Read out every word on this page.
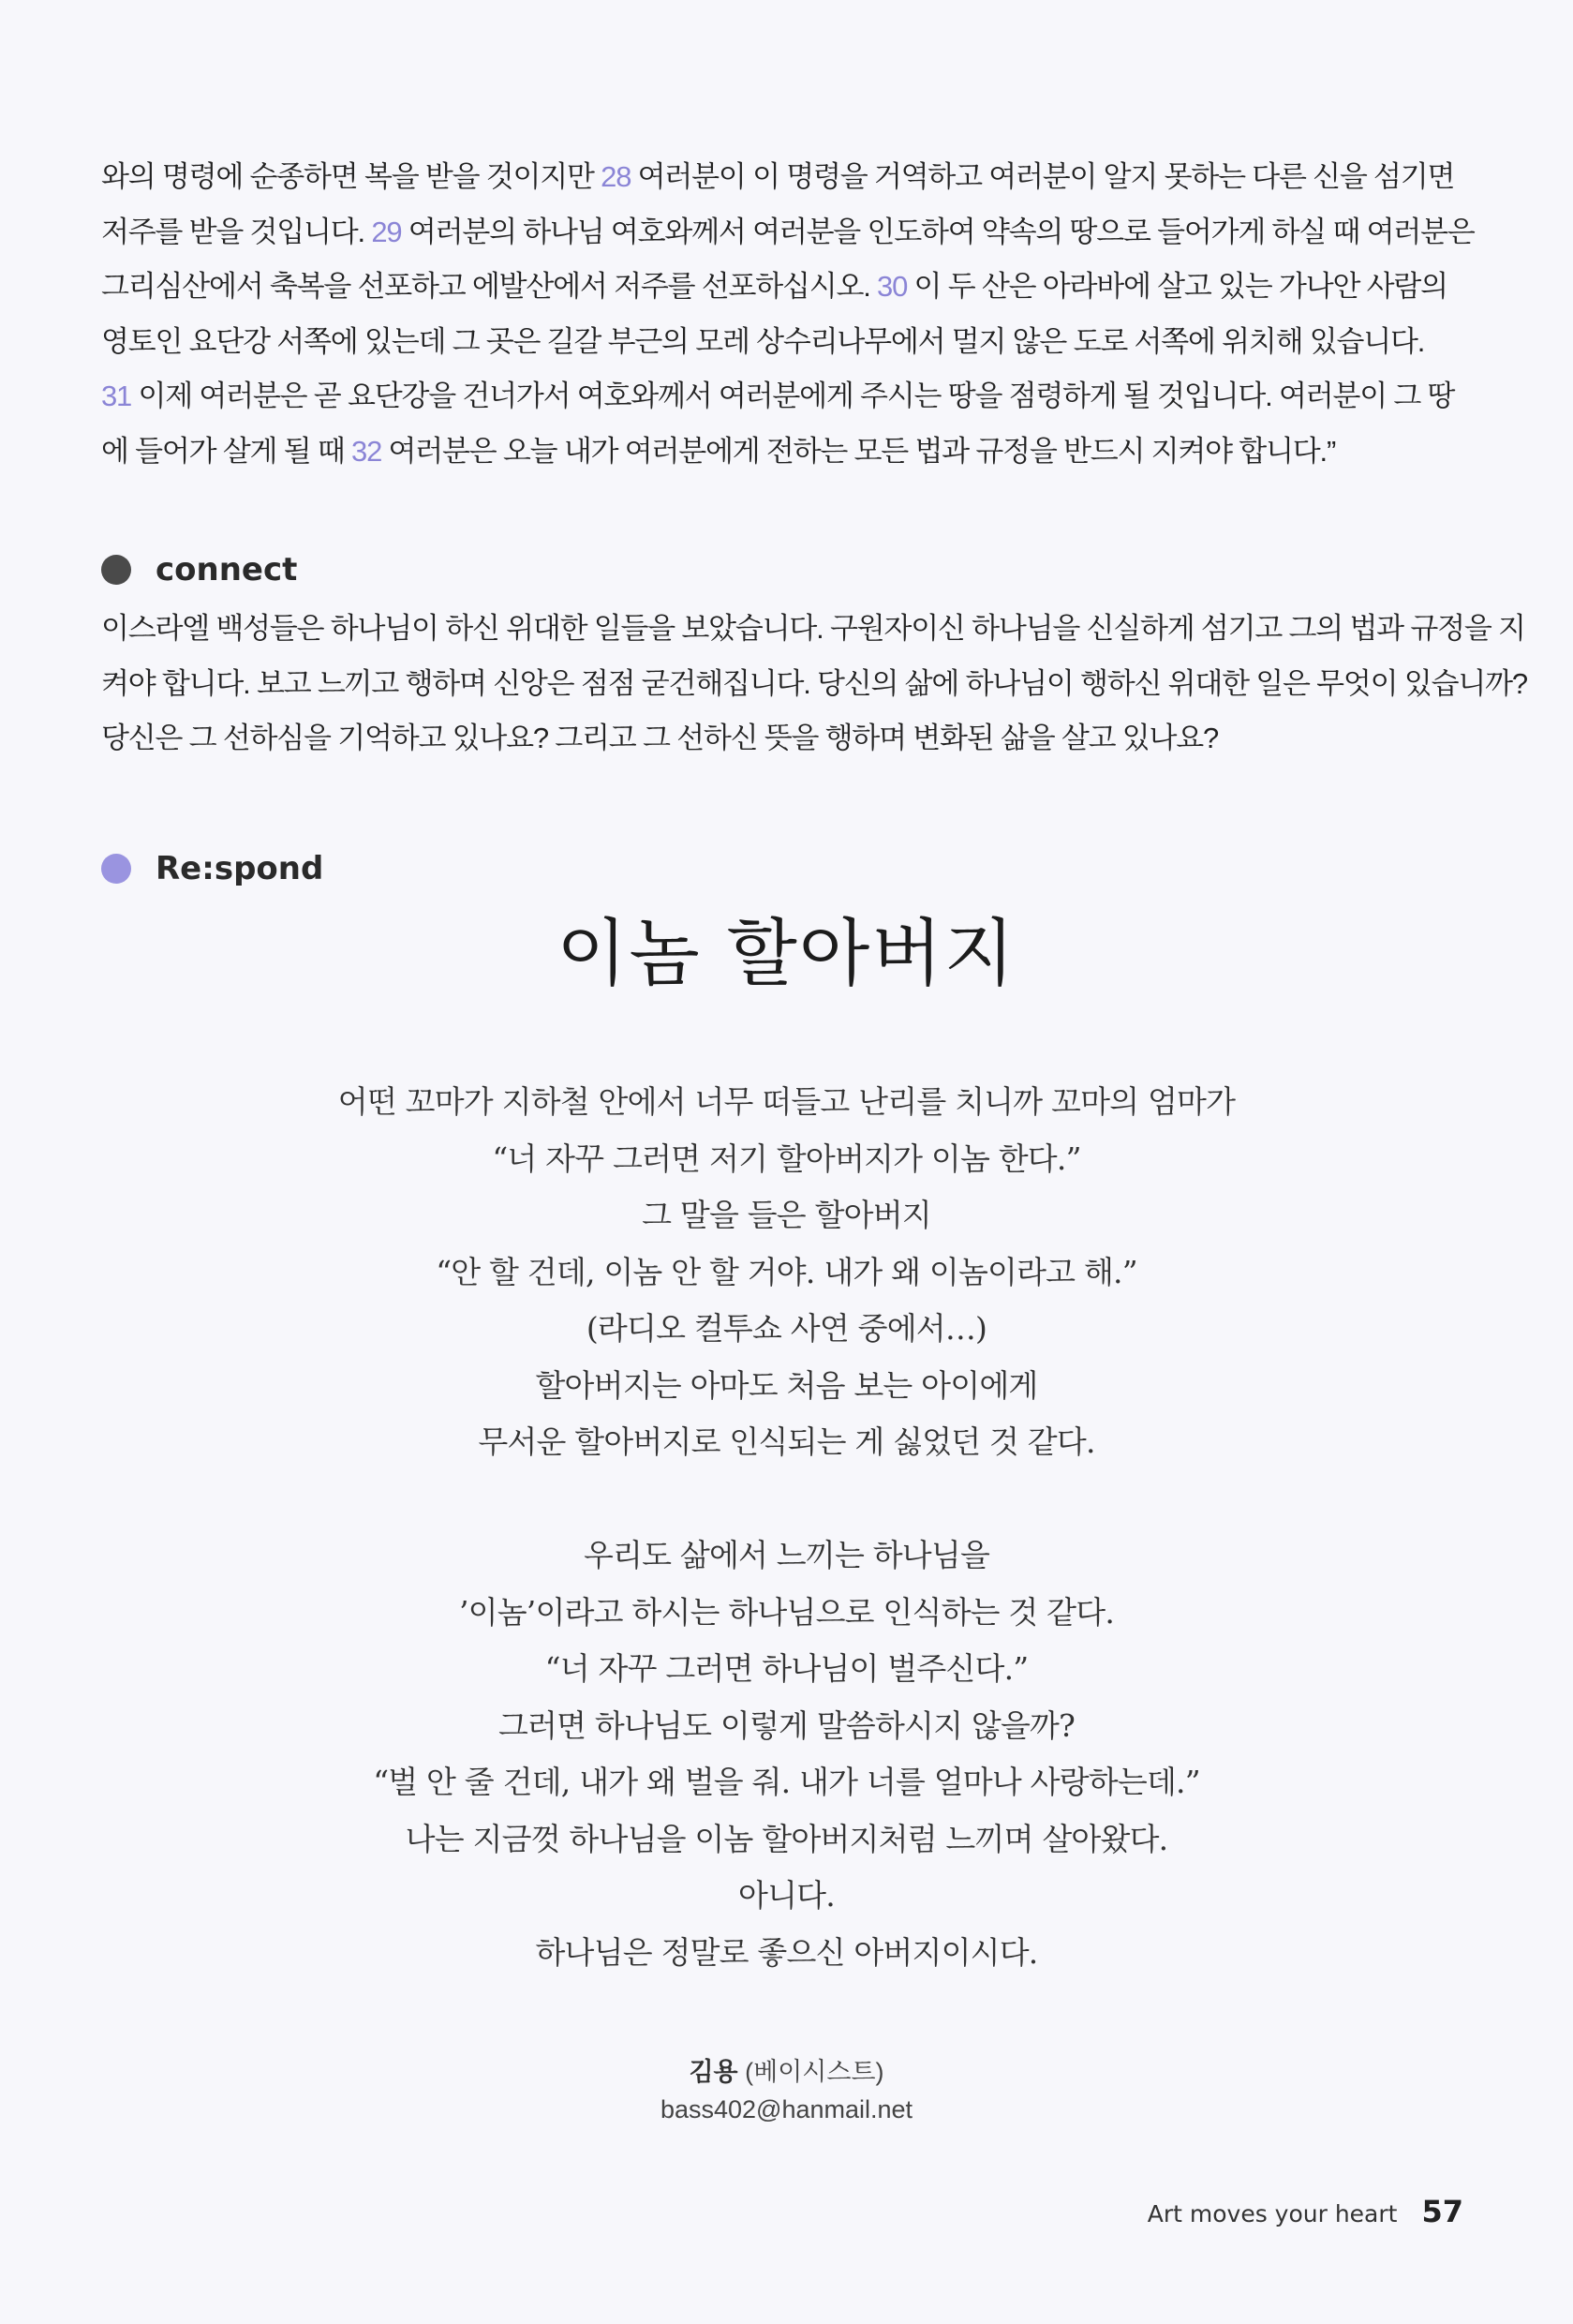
와의 명령에 순종하면 복을 받을 것이지만 28 여러분이 이 명령을 거역하고 여러분이 알지 못하는 다른 신을 섬기면
저주를 받을 것입니다. 29 여러분의 하나님 여호와께서 여러분을 인도하여 약속의 땅으로 들어가게 하실 때 여러분은
그리심산에서 축복을 선포하고 에발산에서 저주를 선포하십시오. 30 이 두 산은 아라바에 살고 있는 가나안 사람의
영토인 요단강 서쪽에 있는데 그 곳은 길갈 부근의 모레 상수리나무에서 멀지 않은 도로 서쪽에 위치해 있습니다.
31 이제 여러분은 곧 요단강을 건너가서 여호와께서 여러분에게 주시는 땅을 점령하게 될 것입니다. 여러분이 그 땅
에 들어가 살게 될 때 32 여러분은 오늘 내가 여러분에게 전하는 모든 법과 규정을 반드시 지켜야 합니다.”
connect
이스라엘 백성들은 하나님이 하신 위대한 일들을 보았습니다. 구원자이신 하나님을 신실하게 섬기고 그의 법과 규정을 지
켜야 합니다. 보고 느끼고 행하며 신앙은 점점 굳건해집니다. 당신의 삶에 하나님이 행하신 위대한 일은 무엇이 있습니까?
당신은 그 선하심을 기억하고 있나요? 그리고 그 선하신 뜻을 행하며 변화된 삶을 살고 있나요?
Re:spond
이놈 할아버지
어떤 꼬마가 지하철 안에서 너무 떠들고 난리를 치니까 꼬마의 엄마가
“너 자꾸 그러면 저기 할아버지가 이놈 한다.”
그 말을 들은 할아버지
“안 할 건데, 이놈 안 할 거야. 내가 왜 이놈이라고 해.”
(라디오 컬투쇼 사연 중에서…)
할아버지는 아마도 처음 보는 아이에게
무서운 할아버지로 인식되는 게 싫었던 것 같다.
우리도 삶에서 느끼는 하나님을
’이놈’이라고 하시는 하나님으로 인식하는 것 같다.
“너 자꾸 그러면 하나님이 벌주신다.”
그러면 하나님도 이렇게 말씀하시지 않을까?
“벌 안 줄 건데, 내가 왜 벌을 줘. 내가 너를 얼마나 사랑하는데.”
나는 지금껏 하나님을 이놈 할아버지처럼 느끼며 살아왔다.
아니다.
하나님은 정말로 좋으신 아버지이시다.
김용 (베이시스트)
bass402@hanmail.net
Art moves your heart 57
